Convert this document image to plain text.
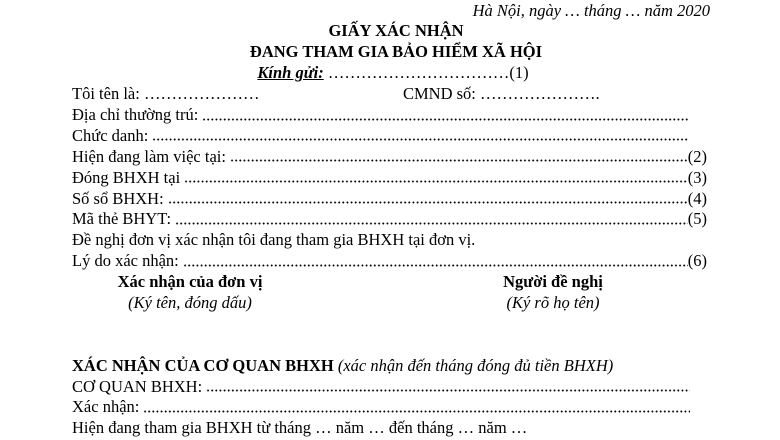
Hà Nội, ngày … tháng … năm 2020
GIẤY XÁC NHẬN
ĐANG THAM GIA BẢO HIỂM XÃ HỘI
Kính gửi: ……………………………(1)
Tôi tên là: …………………	CMND số: ………………….
Địa chỉ thường trú:
Chức danh:
Hiện đang làm việc tại:	(2)
Đóng BHXH tại	(3)
Số sổ BHXH:	(4)
Mã thẻ BHYT:	(5)
Đề nghị đơn vị xác nhận tôi đang tham gia BHXH tại đơn vị.
Lý do xác nhận:	(6)
Xác nhận của đơn vị	Người đề nghị
(Ký tên, đóng dấu)	(Ký rõ họ tên)
XÁC NHẬN CỦA CƠ QUAN BHXH (xác nhận đến tháng đóng đủ tiền BHXH)
CƠ QUAN BHXH:
Xác nhận:
Hiện đang tham gia BHXH từ tháng … năm … đến tháng … năm …
